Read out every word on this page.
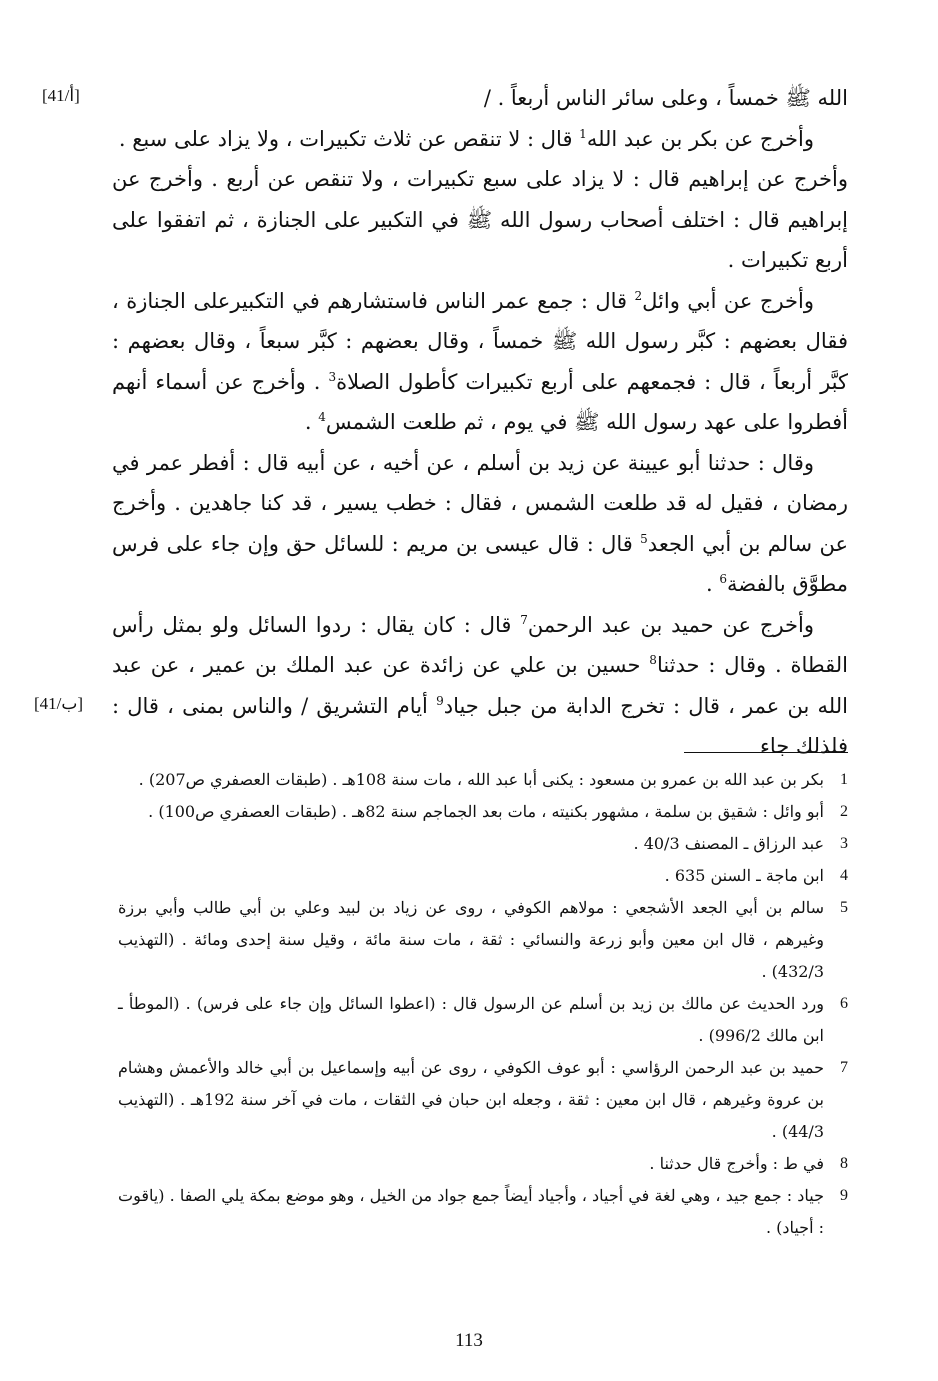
[أ/41]
[41/ب]

الله ﷺ خمساً ، وعلى سائر الناس أربعاً . /

وأخرج عن بكر بن عبد الله$^1$ قال : لا تنقص عن ثلاث تكبيرات ، ولا يزاد على سبع .

وأخرج عن إبراهيم قال : لا يزاد على سبع تكبيرات ، ولا تنقص عن أربع . وأخرج عن إبراهيم قال : اختلف أصحاب رسول الله ﷺ في التكبير على الجنازة ، ثم اتفقوا على أربع تكبيرات .

وأخرج عن أبي وائل$^2$ قال : جمع عمر الناس فاستشارهم في التكبيرعلى الجنازة ، فقال بعضهم : كبَّر رسول الله ﷺ خمساً ، وقال بعضهم : كبَّر سبعاً ، وقال بعضهم : كبَّر أربعاً ، قال : فجمعهم على أربع تكبيرات كأطول الصلاة$^3$ . وأخرج عن أسماء أنهم أفطروا على عهد رسول الله ﷺ في يوم ، ثم طلعت الشمس$^4$ .

وقال : حدثنا أبو عيينة عن زيد بن أسلم ، عن أخيه ، عن أبيه قال : أفطر عمر في رمضان ، فقيل له قد طلعت الشمس ، فقال : خطب يسير ، قد كنا جاهدين . وأخرج عن سالم بن أبي الجعد$^5$ قال : قال عيسى بن مريم : للسائل حق وإن جاء على فرس مطوَّق بالفضة$^6$ .

وأخرج عن حميد بن عبد الرحمن$^7$ قال : كان يقال : ردوا السائل ولو بمثل رأس القطاة . وقال : حدثنا$^8$ حسين بن علي عن زائدة عن عبد الملك بن عمير ، عن عبد الله بن عمر ، قال : تخرج الدابة من جبل جياد$^9$ أيام التشريق / والناس بمنى ، قال : فلذلك جاء

1
بكر بن عبد الله بن عمرو بن مسعود : يكنى أبا عبد الله ، مات سنة 108هـ . (طبقات العصفري ص207) .
2
أبو وائل : شقيق بن سلمة ، مشهور بكنيته ، مات بعد الجماجم سنة 82هـ . (طبقات العصفري ص100) .
3
عبد الرزاق ـ المصنف 40/3 .
4
ابن ماجة ـ السنن 635 .
5
سالم بن أبي الجعد الأشجعي : مولاهم الكوفي ، روى عن زياد بن لبيد وعلي بن أبي طالب وأبي برزة وغيرهم ، قال ابن معين وأبو زرعة والنسائي : ثقة ، مات سنة مائة ، وقيل سنة إحدى ومائة . (التهذيب 432/3) .
6
ورد الحديث عن مالك بن زيد بن أسلم عن الرسول قال : (اعطوا السائل وإن جاء على فرس) . (الموطأ ـ ابن مالك 996/2) .
7
حميد بن عبد الرحمن الرؤاسي : أبو عوف الكوفي ، روى عن أبيه وإسماعيل بن أبي خالد والأعمش وهشام بن عروة وغيرهم ، قال ابن معين : ثقة ، وجعله ابن حبان في الثقات ، مات في آخر سنة 192هـ . (التهذيب 44/3) .
8
في ط : وأخرج قال حدثنا .
9
جياد : جمع جيد ، وهي لغة في أجياد ، وأجياد أيضاً جمع جواد من الخيل ، وهو موضع بمكة يلي الصفا . (ياقوت : أجياد) .
113
